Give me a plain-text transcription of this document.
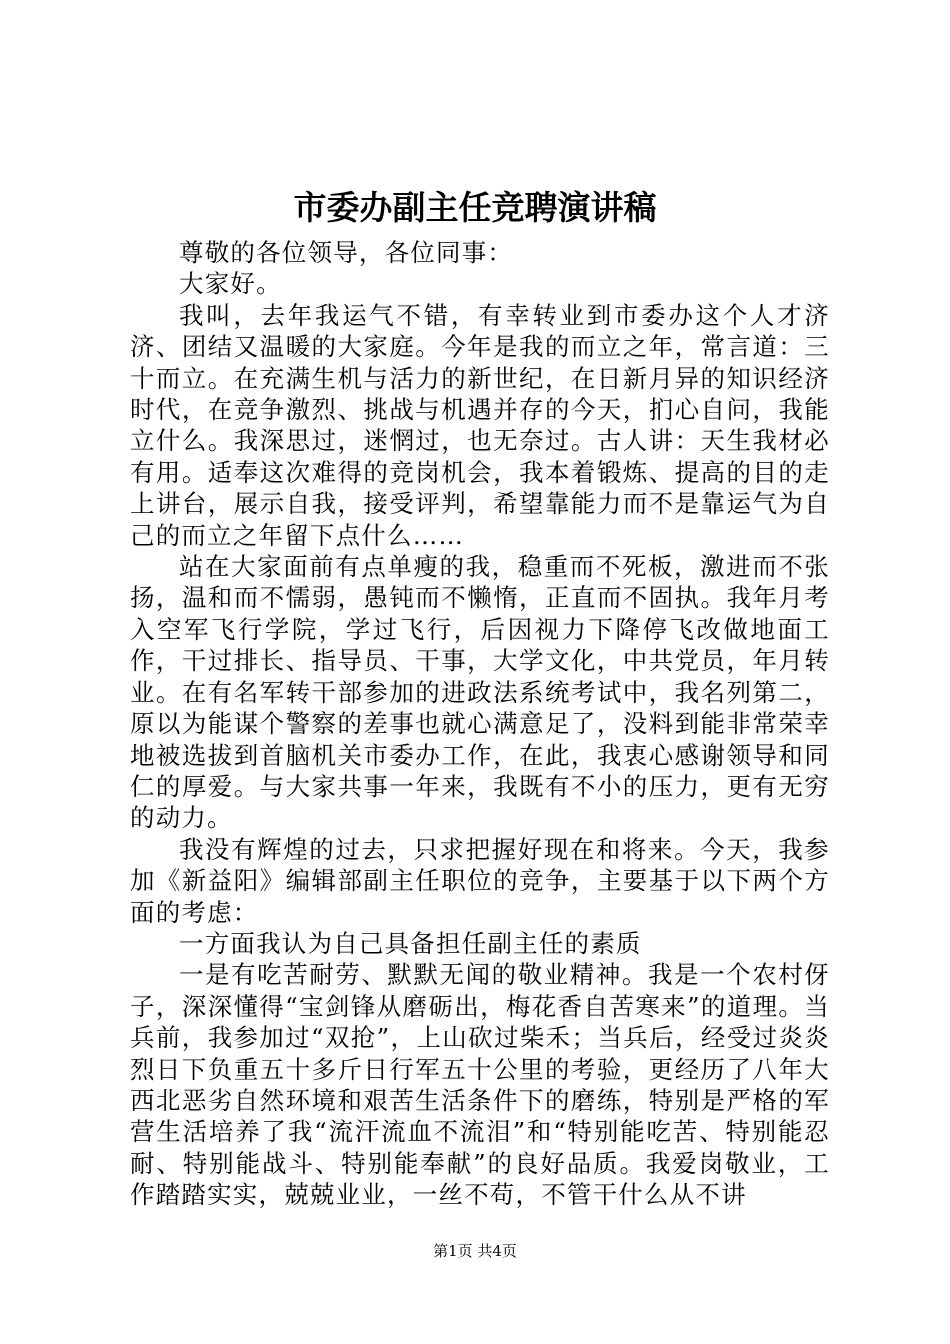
市委办副主任竞聘演讲稿

尊敬的各位领导，各位同事：

大家好。

我叫，去年我运气不错，有幸转业到市委办这个人才济济、团结又温暖的大家庭。今年是我的而立之年，常言道：三十而立。在充满生机与活力的新世纪，在日新月异的知识经济时代，在竞争激烈、挑战与机遇并存的今天，扪心自问，我能立什么。我深思过，迷惘过，也无奈过。古人讲：天生我材必有用。适奉这次难得的竞岗机会，我本着锻炼、提高的目的走上讲台，展示自我，接受评判，希望靠能力而不是靠运气为自己的而立之年留下点什么……

站在大家面前有点单瘦的我，稳重而不死板，激进而不张扬，温和而不懦弱，愚钝而不懒惰，正直而不固执。我年月考入空军飞行学院，学过飞行，后因视力下降停飞改做地面工作，干过排长、指导员、干事，大学文化，中共党员，年月转业。在有名军转干部参加的进政法系统考试中，我名列第二，原以为能谋个警察的差事也就心满意足了，没料到能非常荣幸地被选拔到首脑机关市委办工作，在此，我衷心感谢领导和同仁的厚爱。与大家共事一年来，我既有不小的压力，更有无穷的动力。

我没有辉煌的过去，只求把握好现在和将来。今天，我参加《新益阳》编辑部副主任职位的竞争，主要基于以下两个方面的考虑：

一方面我认为自己具备担任副主任的素质

一是有吃苦耐劳、默默无闻的敬业精神。我是一个农村伢子，深深懂得“宝剑锋从磨砺出，梅花香自苦寒来”的道理。当兵前，我参加过“双抢”，上山砍过柴禾；当兵后，经受过炎炎烈日下负重五十多斤日行军五十公里的考验，更经历了八年大西北恶劣自然环境和艰苦生活条件下的磨练，特别是严格的军营生活培养了我“流汗流血不流泪”和“特别能吃苦、特别能忍耐、特别能战斗、特别能奉献”的良好品质。我爱岗敬业，工作踏踏实实，兢兢业业，一丝不苟，不管干什么从不讲

第1页 共4页
